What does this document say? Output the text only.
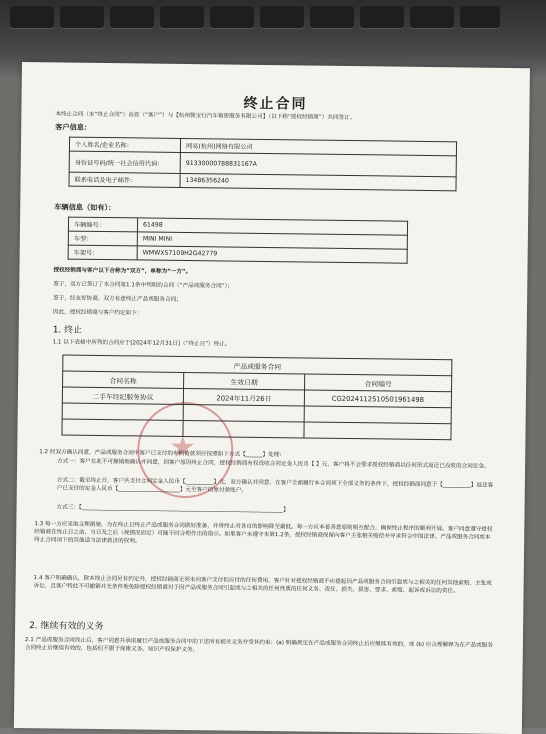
终止合同
本终止合同（本“终止合同”）由您（“客户”）与【杭州骏宝行汽车销售服务有限公司】（以下称“授权经销商”）共同签订。
客户信息：
个人姓名/企业名称：	网易(杭州)网络有限公司
身份证号码/统一社会信用代码：	9133000078883​1167A
联系电话及电子邮件：	13486356240
车辆信息（如有）：
车辆编号：	61498
车型：	MINI MINI
车架号：	WMWXS7109H2G42779
授权经销商与客户以下合称为“双方”，单称为“一方”。
鉴于，双方已签订了本合同第1.1条中列明的合同（“产品或服务合同”）；
鉴于，经友好协商，双方有意终止产品或服务合同；
因此，授权经销商与客户约定如下：
1. 终止
1.1 以下表格中所列的合同应于[2024年12月31日]（“终止日”）终止。
★
产品或服务合同		
合同名称	生效日期	合同编号
二手车经纪服务协议	2024年11月26日	CG202411251050196​1498

1.2 经双方确认同意，产品或服务合同中客户已支付的车辆价款须应按照如下方式【______】处理：
方式一：客户在此不可撤销地确认并同意，因客户原因终止合同，授权经销商有权没收合同定金人民币【 】元，客户将不会要求授权经销商以任何形式返还已没收的合同定金。
方式二：截至终止日，客户共支付合同定金人民币【__________】元，双方确认并同意，在客户全面履行本合同项下全部义务的条件下，授权经销商同意于【__________】返还客户已支付的定金人民币【______________________】元至客户的原付款账户。
方式三：【________________________________________________________________________】
1.3 每一方应采取合理措施，为在终止日终止产品或服务合同做好准备，并将终止对各自的影响降至最低。每一方应本着善意原则相互配合，确保终止程序的顺利开展。客户同意遵守授权经销商在终止日之前、当日及之后（视情况而定）可能不时合理作出的指示。如果客户未遵守本第1.2条，授权经销商保留向客户主张相关赔偿并寻求符合中国法律、产品或服务合同或本终止合同项下的其他适当法律救济的权利。
1.4 客户明确确认，除本终止合同另有约定外，授权经销商无须未向客户支付但应付的任何费用，客户针对授权经销商不应提起因产品或服务合同引起或与之相关的任何其他索赔，主张或诉讼，且客户特此不可撤销并无条件地免除授权经销商对于因产品或服务合同引起或与之相关的任何性质的任何义务、责任、损失、损害、要求、索赔、起诉或诉讼的责任。
2. 继续有效的义务
2.1 产品或服务合同终止后，客户同意并承诺履行产品或服务合同中的下述所有相关义务并受其约束：(a) 明确规定在产品或服务合同终止后应继续有效的，或 (b) 应合理解释为在产品或服务合同终止后继续有效的，包括但不限于保密义务、知识产权保护义务、
